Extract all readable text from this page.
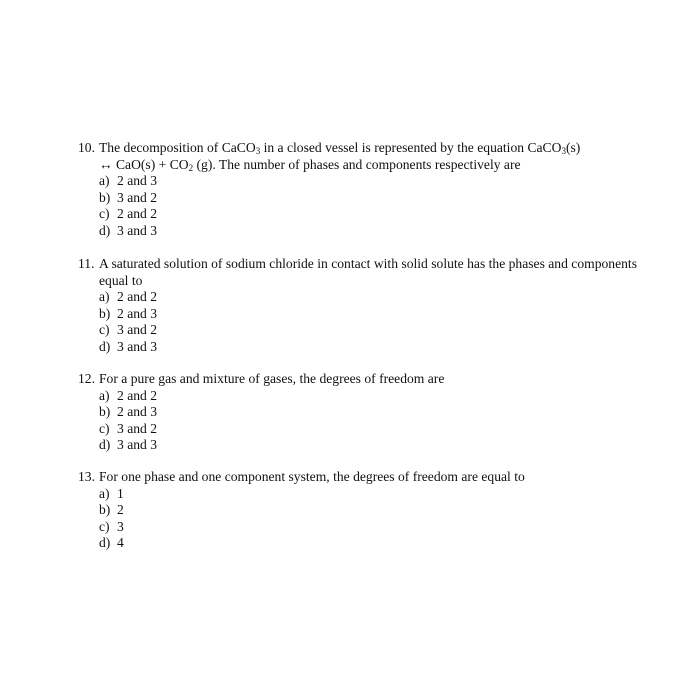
10. The decomposition of CaCO$_3$ in a closed vessel is represented by the equation CaCO$_3$(s)
↔ $CaO(s) + CO_2$ (g). The number of phases and components respectively are
a) 2 and 3
b) 3 and 2
c) 2 and 2
d) 3 and 3
11. A saturated solution of sodium chloride in contact with solid solute has the phases and components equal to
a) 2 and 2
b) 2 and 3
c) 3 and 2
d) 3 and 3
12. For a pure gas and mixture of gases, the degrees of freedom are
a) 2 and 2
b) 2 and 3
c) 3 and 2
d) 3 and 3
13. For one phase and one component system, the degrees of freedom are equal to
a) 1
b) 2
c) 3
d) 4
